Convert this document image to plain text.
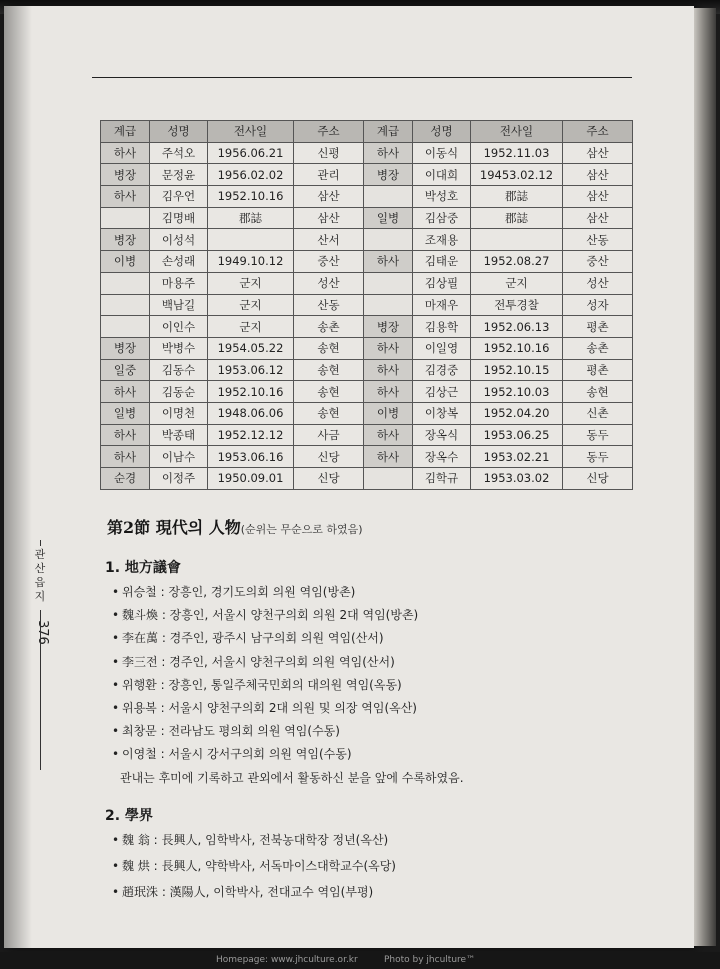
계급	성명	전사일	주소	계급	성명	전사일	주소
하사	주석오	1956.06.21	신평	하사	이동식	1952.11.03	삼산
병장	문정윤	1956.02.02	관리	병장	이대희	19453.02.12	삼산
하사	김우언	1952.10.16	삼산		박성호	郡誌	삼산
	김명배	郡誌	삼산	일병	김삼중	郡誌	삼산
병장	이성석		산서		조재용		산동
이병	손성래	1949.10.12	중산	하사	김태운	1952.08.27	중산
	마용주	군지	성산		김상필	군지	성산
	백남길	군지	산동		마재우	전투경찰	성자
	이인수	군지	송촌	병장	김용학	1952.06.13	평촌
병장	박병수	1954.05.22	송현	하사	이일영	1952.10.16	송촌
일중	김동수	1953.06.12	송현	하사	김경중	1952.10.15	평촌
하사	김동순	1952.10.16	송현	하사	김상근	1952.10.03	송현
일병	이명천	1948.06.06	송현	이병	이창복	1952.04.20	신촌
하사	박종태	1952.12.12	사금	하사	장옥식	1953.06.25	동두
하사	이남수	1953.06.16	신당	하사	장옥수	1953.02.21	동두
순경	이정주	1950.09.01	신당		김학규	1953.03.02	신당
第2節 現代의 人物(순위는 무순으로 하였음)
1. 地方議會
• 위승철 : 장흥인, 경기도의회 의원 역임(방촌)
• 魏斗煥 : 장흥인, 서울시 양천구의회 의원 2대 역임(방촌)
• 李在萬 : 경주인, 광주시 남구의회 의원 역임(산서)
• 李三전 : 경주인, 서울시 양천구의회 의원 역임(산서)
• 위행환 : 장흥인, 통일주체국민회의 대의원 역임(옥동)
• 위용복 : 서울시 양천구의회 2대 의원 및 의장 역임(옥산)
• 최창문 : 전라남도 평의회 의원 역임(수동)
• 이영철 : 서울시 강서구의회 의원 역임(수동)
관내는 후미에 기록하고 관외에서 활동하신 분을 앞에 수록하였음.
2. 學界
• 魏 翁 : 長興人, 임학박사, 전북농대학장 정년(옥산)
• 魏 烘 : 長興人, 약학박사, 서독마이스대학교수(옥당)
• 趙珉洙 : 漢陽人, 이학박사, 전대교수 역임(부평)
관산읍지
376
Homepage: www.jhculture.or.kr	Photo by jhculture™
